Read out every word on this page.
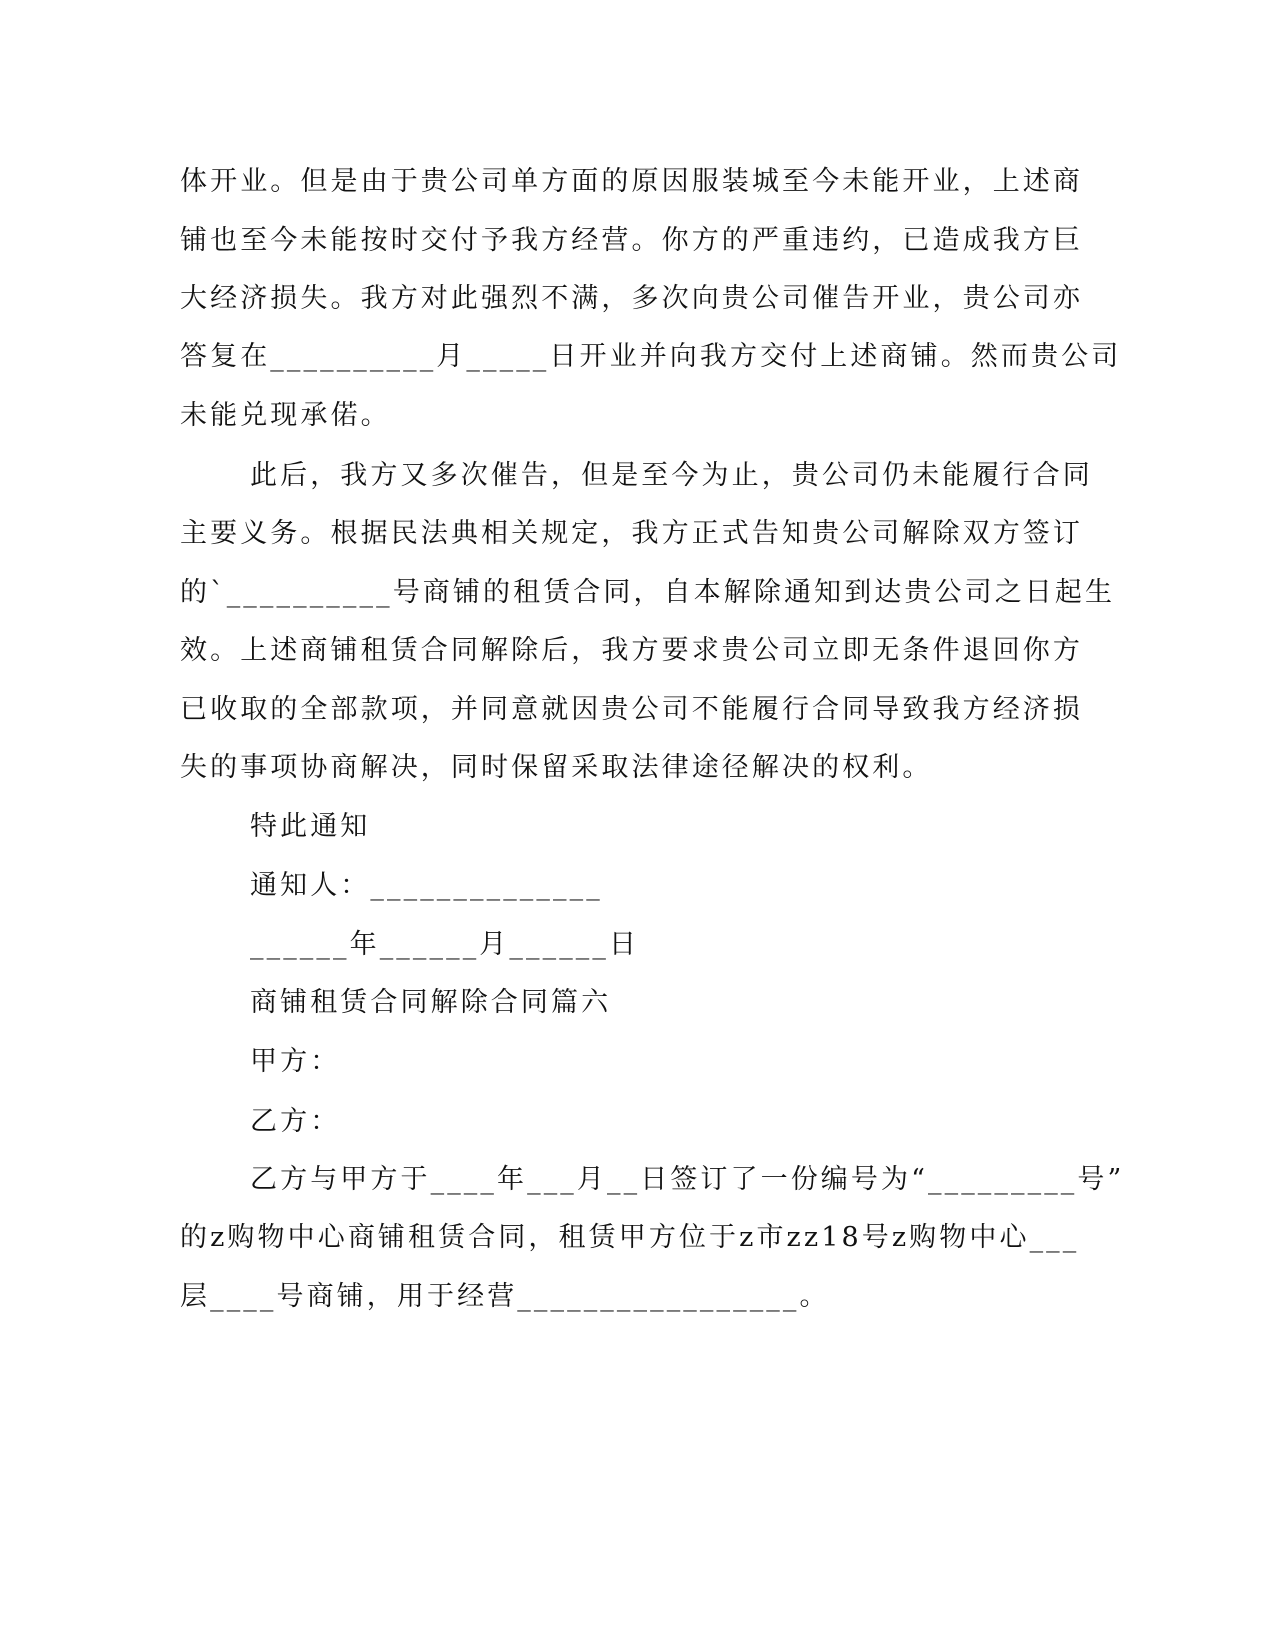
体开业。但是由于贵公司单方面的原因服装城至今未能开业，上述商
铺也至今未能按时交付予我方经营。你方的严重违约，已造成我方巨
大经济损失。我方对此强烈不满，多次向贵公司催告开业，贵公司亦
答复在__________月_____日开业并向我方交付上述商铺。然而贵公司
未能兑现承偌。
此后，我方又多次催告，但是至今为止，贵公司仍未能履行合同
主要义务。根据民法典相关规定，我方正式告知贵公司解除双方签订
的`__________号商铺的租赁合同，自本解除通知到达贵公司之日起生
效。上述商铺租赁合同解除后，我方要求贵公司立即无条件退回你方
已收取的全部款项，并同意就因贵公司不能履行合同导致我方经济损
失的事项协商解决，同时保留采取法律途径解决的权利。
特此通知
通知人：______________
______年______月______日
商铺租赁合同解除合同篇六
甲方：
乙方：
乙方与甲方于____年___月__日签订了一份编号为“_________号”
的z购物中心商铺租赁合同，租赁甲方位于z市zz18号z购物中心___
层____号商铺，用于经营_________________。
